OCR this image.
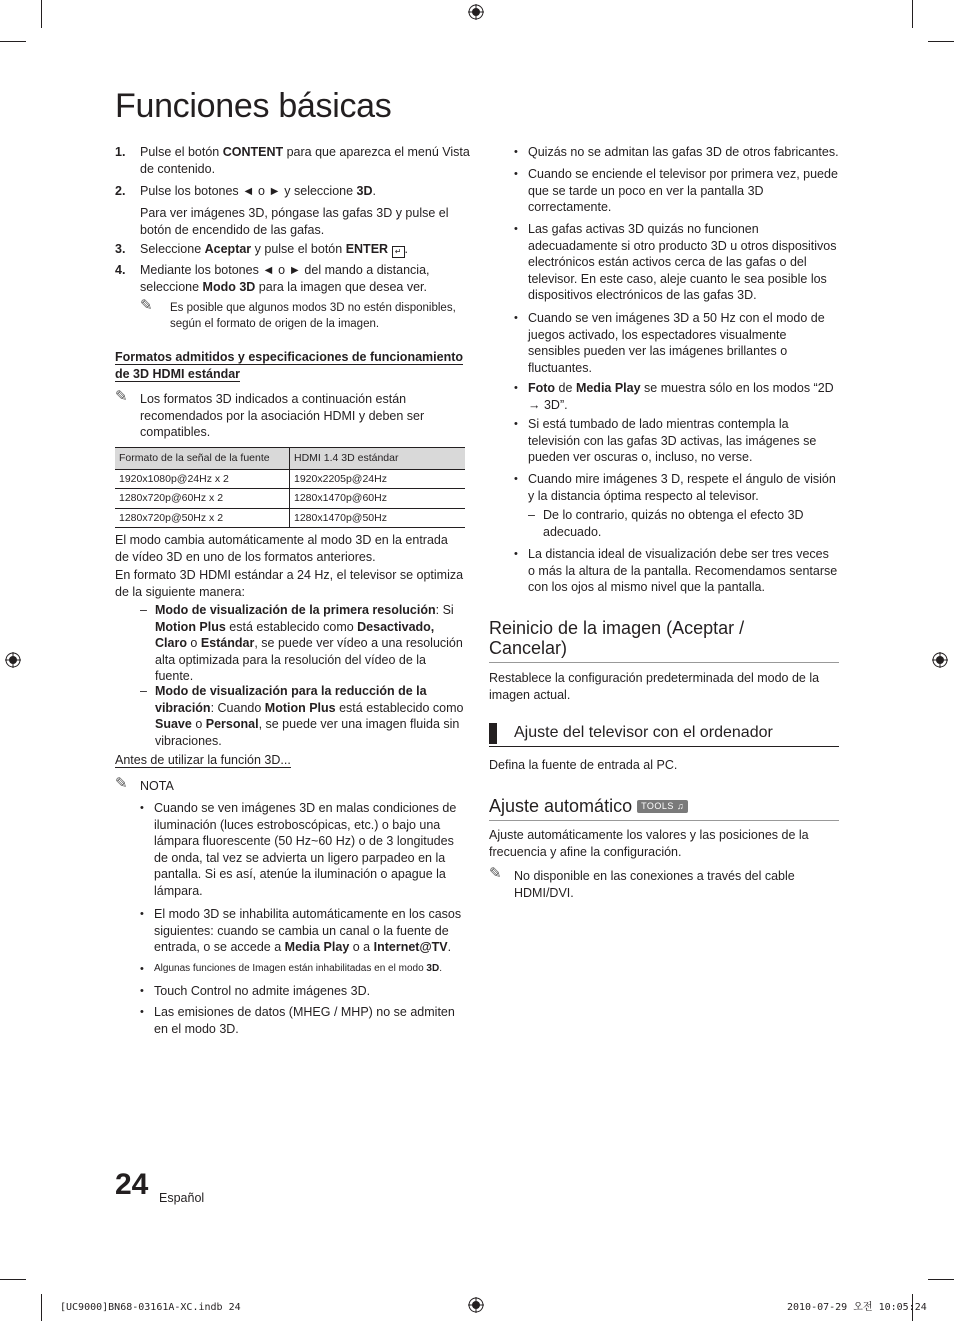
Funciones básicas
1. Pulse el botón CONTENT para que aparezca el menú Vista de contenido.
2. Pulse los botones ◄ o ► y seleccione 3D.
Para ver imágenes 3D, póngase las gafas 3D y pulse el botón de encendido de las gafas.
3. Seleccione Aceptar y pulse el botón ENTER ↵ .
4. Mediante los botones ◄ o ► del mando a distancia, seleccione Modo 3D para la imagen que desea ver.
✎ Es posible que algunos modos 3D no estén disponibles, según el formato de origen de la imagen.
Formatos admitidos y especificaciones de funcionamiento de 3D HDMI estándar
✎ Los formatos 3D indicados a continuación están recomendados por la asociación HDMI y deben ser compatibles.
Formato de la señal de la fuente	HDMI 1.4 3D estándar
1920x1080p@24Hz x 2	1920x2205p@24Hz
1280x720p@60Hz x 2	1280x1470p@60Hz
1280x720p@50Hz x 2	1280x1470p@50Hz
El modo cambia automáticamente al modo 3D en la entrada de vídeo 3D en uno de los formatos anteriores.
En formato 3D HDMI estándar a 24 Hz, el televisor se optimiza de la siguiente manera:
– Modo de visualización de la primera resolución: Si Motion Plus está establecido como Desactivado, Claro o Estándar, se puede ver vídeo a una resolución alta optimizada para la resolución del vídeo de la fuente.
– Modo de visualización para la reducción de la vibración: Cuando Motion Plus está establecido como Suave o Personal, se puede ver una imagen fluida sin vibraciones.
Antes de utilizar la función 3D...
✎ NOTA
• Cuando se ven imágenes 3D en malas condiciones de iluminación (luces estroboscópicas, etc.) o bajo una lámpara fluorescente (50 Hz~60 Hz) o de 3 longitudes de onda, tal vez se advierta un ligero parpadeo en la pantalla. Si es así, atenúe la iluminación o apague la lámpara.
• El modo 3D se inhabilita automáticamente en los casos siguientes: cuando se cambia un canal o la fuente de entrada, o se accede a Media Play o a Internet@TV.
• Algunas funciones de Imagen están inhabilitadas en el modo 3D.
• Touch Control no admite imágenes 3D.
• Las emisiones de datos (MHEG / MHP) no se admiten en el modo 3D.
• Quizás no se admitan las gafas 3D de otros fabricantes.
• Cuando se enciende el televisor por primera vez, puede que se tarde un poco en ver la pantalla 3D correctamente.
• Las gafas activas 3D quizás no funcionen adecuadamente si otro producto 3D u otros dispositivos electrónicos están activos cerca de las gafas o del televisor. En este caso, aleje cuanto le sea posible los dispositivos electrónicos de las gafas 3D.
• Cuando se ven imágenes 3D a 50 Hz con el modo de juegos activado, los espectadores visualmente sensibles pueden ver las imágenes brillantes o fluctuantes.
• Foto de Media Play se muestra sólo en los modos “2D → 3D”.
• Si está tumbado de lado mientras contempla la televisión con las gafas 3D activas, las imágenes se pueden ver oscuras o, incluso, no verse.
• Cuando mire imágenes 3 D, respete el ángulo de visión y la distancia óptima respecto al televisor.
– De lo contrario, quizás no obtenga el efecto 3D adecuado.
• La distancia ideal de visualización debe ser tres veces o más la altura de la pantalla. Recomendamos sentarse con los ojos al mismo nivel que la pantalla.
Reinicio de la imagen (Aceptar / Cancelar)
Restablece la configuración predeterminada del modo de la imagen actual.
Ajuste del televisor con el ordenador
Defina la fuente de entrada al PC.
Ajuste automático TOOLS ♫
Ajuste automáticamente los valores y las posiciones de la frecuencia y afine la configuración.
✎ No disponible en las conexiones a través del cable HDMI/DVI.
24 Español
[UC9000]BN68-03161A-XC.indb 24	2010-07-29 오전 10:05:24
